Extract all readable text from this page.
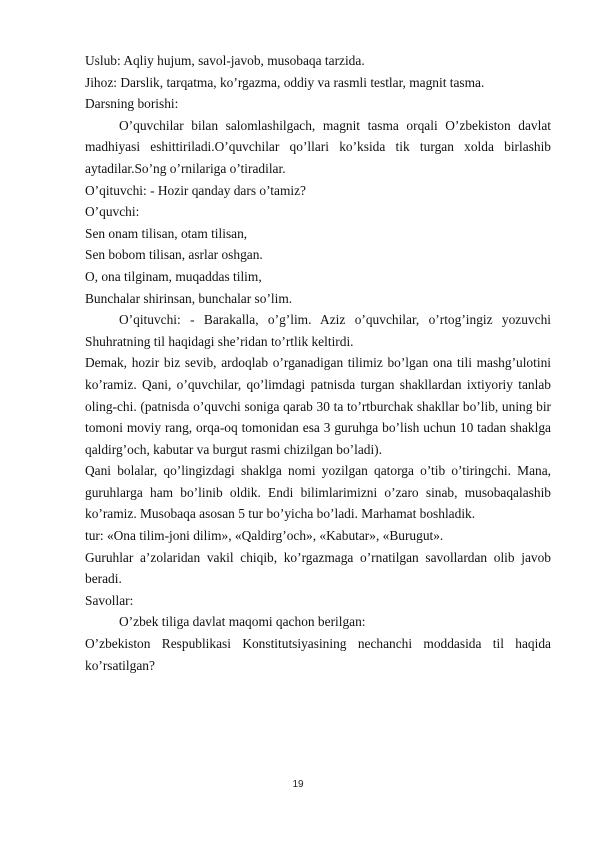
Uslub: Aqliy hujum, savol-javob, musobaqa tarzida.

Jihoz: Darslik, tarqatma, ko’rgazma, oddiy va rasmli testlar, magnit tasma.

Darsning borishi:

O’quvchilar bilan salomlashilgach, magnit tasma orqali O’zbekiston davlat madhiyasi eshittiriladi.O’quvchilar qo’llari ko’ksida tik turgan xolda birlashib aytadilar.So’ng o’rnilariga o’tiradilar.

O’qituvchi: - Hozir qanday dars o’tamiz?

O’quvchi:

Sen onam tilisan, otam tilisan,

Sen bobom tilisan, asrlar oshgan.

O, ona tilginam, muqaddas tilim,

Bunchalar shirinsan, bunchalar so’lim.

O’qituvchi: - Barakalla, o’g’lim. Aziz o’quvchilar, o’rtog’ingiz yozuvchi Shuhratning til haqidagi she’ridan to’rtlik keltirdi.

Demak, hozir biz sevib, ardoqlab o’rganadigan tilimiz bo’lgan ona tili mashg’ulotini ko’ramiz. Qani, o’quvchilar, qo’limdagi patnisda turgan shakllardan ixtiyoriy tanlab oling-chi. (patnisda o’quvchi soniga qarab 30 ta to’rtburchak shakllar bo’lib, uning bir tomoni moviy rang, orqa-oq tomonidan esa 3 guruhga bo’lish uchun 10 tadan shaklga qaldirg’och, kabutar va burgut rasmi chizilgan bo’ladi).

Qani bolalar, qo’lingizdagi shaklga nomi yozilgan qatorga o’tib o’tiringchi. Mana, guruhlarga ham bo’linib oldik. Endi bilimlarimizni o’zaro sinab, musobaqalashib ko’ramiz. Musobaqa asosan 5 tur bo’yicha bo’ladi. Marhamat boshladik.

tur: «Ona tilim-joni dilim», «Qaldirg’och», «Kabutar», «Burugut».

Guruhlar a’zolaridan vakil chiqib, ko’rgazmaga o’rnatilgan savollardan olib javob beradi.

Savollar:

O’zbek tiliga davlat maqomi qachon berilgan:

O’zbekiston Respublikasi Konstitutsiyasining nechanchi moddasida til haqida ko’rsatilgan?

19
